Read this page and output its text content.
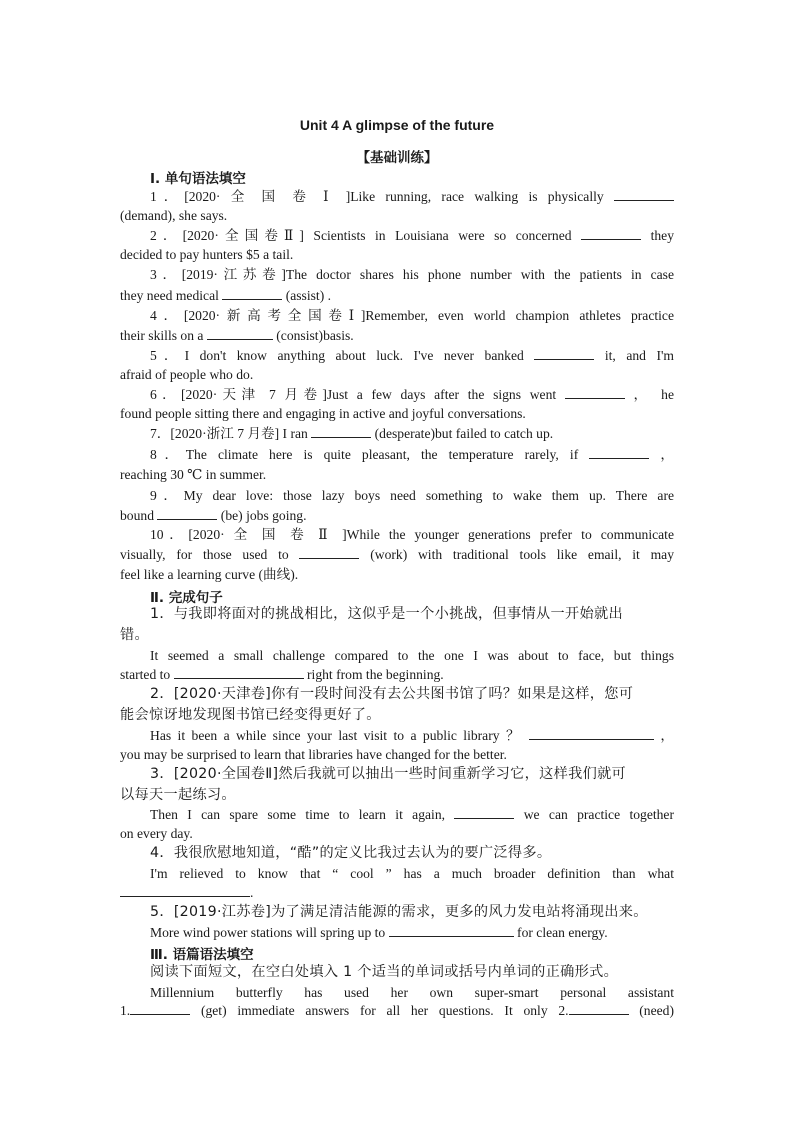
Unit 4 A glimpse of the future
【基础训练】
Ⅰ. 单句语法填空
1．[2020· 全 国 卷 Ⅰ ]Like running, race walking is physically
(demand), she says.
2．[2020·全国卷Ⅱ] Scientists in Louisiana were so concerned	they
decided to pay hunters $5 a tail.
3．[2019·江苏卷]The doctor shares his phone number with the patients in case
they need medical	(assist) .
4．[2020·新高考全国卷Ⅰ]Remember, even world champion athletes practice
their skills on a	(consist)basis.
5．I don't know anything about luck. I've never banked	it, and I'm
afraid of people who do.
6．[2020·天津 7 月卷]Just a few days after the signs went	， he
found people sitting there and engaging in active and joyful conversations.
7．[2020·浙江 7 月卷] I ran	(desperate)but failed to catch up.
8．The climate here is quite pleasant, the temperature rarely, if	，
reaching 30 ℃ in summer.
9．My dear love: those lazy boys need something to wake them up. There are
bound	(be) jobs going.
10．[2020· 全 国 卷 Ⅱ ]While the younger generations prefer to communicate
visually, for those used to	(work) with traditional tools like email, it may
feel like a learning curve (曲线).
Ⅱ. 完成句子
1．与我即将面对的挑战相比，这似乎是一个小挑战，但事情从一开始就出
错。
It seemed a small challenge compared to the one I was about to face, but things
started to	right from the beginning.
2．[2020·天津卷]你有一段时间没有去公共图书馆了吗？如果是这样，您可
能会惊讶地发现图书馆已经变得更好了。
Has it been a while since your last visit to a public library ？	，
you may be surprised to learn that libraries have changed for the better.
3．[2020·全国卷Ⅱ]然后我就可以抽出一些时间重新学习它，这样我们就可
以每天一起练习。
Then I can spare some time to learn it again,	we can practice together
on every day.
4．我很欣慰地知道，“酷”的定义比我过去认为的要广泛得多。
I'm relieved to know that “ cool ” has a much broader definition than what
.
5．[2019·江苏卷]为了满足清洁能源的需求，更多的风力发电站将涌现出来。
More wind power stations will spring up to	for clean energy.
Ⅲ. 语篇语法填空
阅读下面短文，在空白处填入 1 个适当的单词或括号内单词的正确形式。
Millennium butterfly has used her own super-smart personal assistant
1.	(get) immediate answers for all her questions. It only 2.	(need)
